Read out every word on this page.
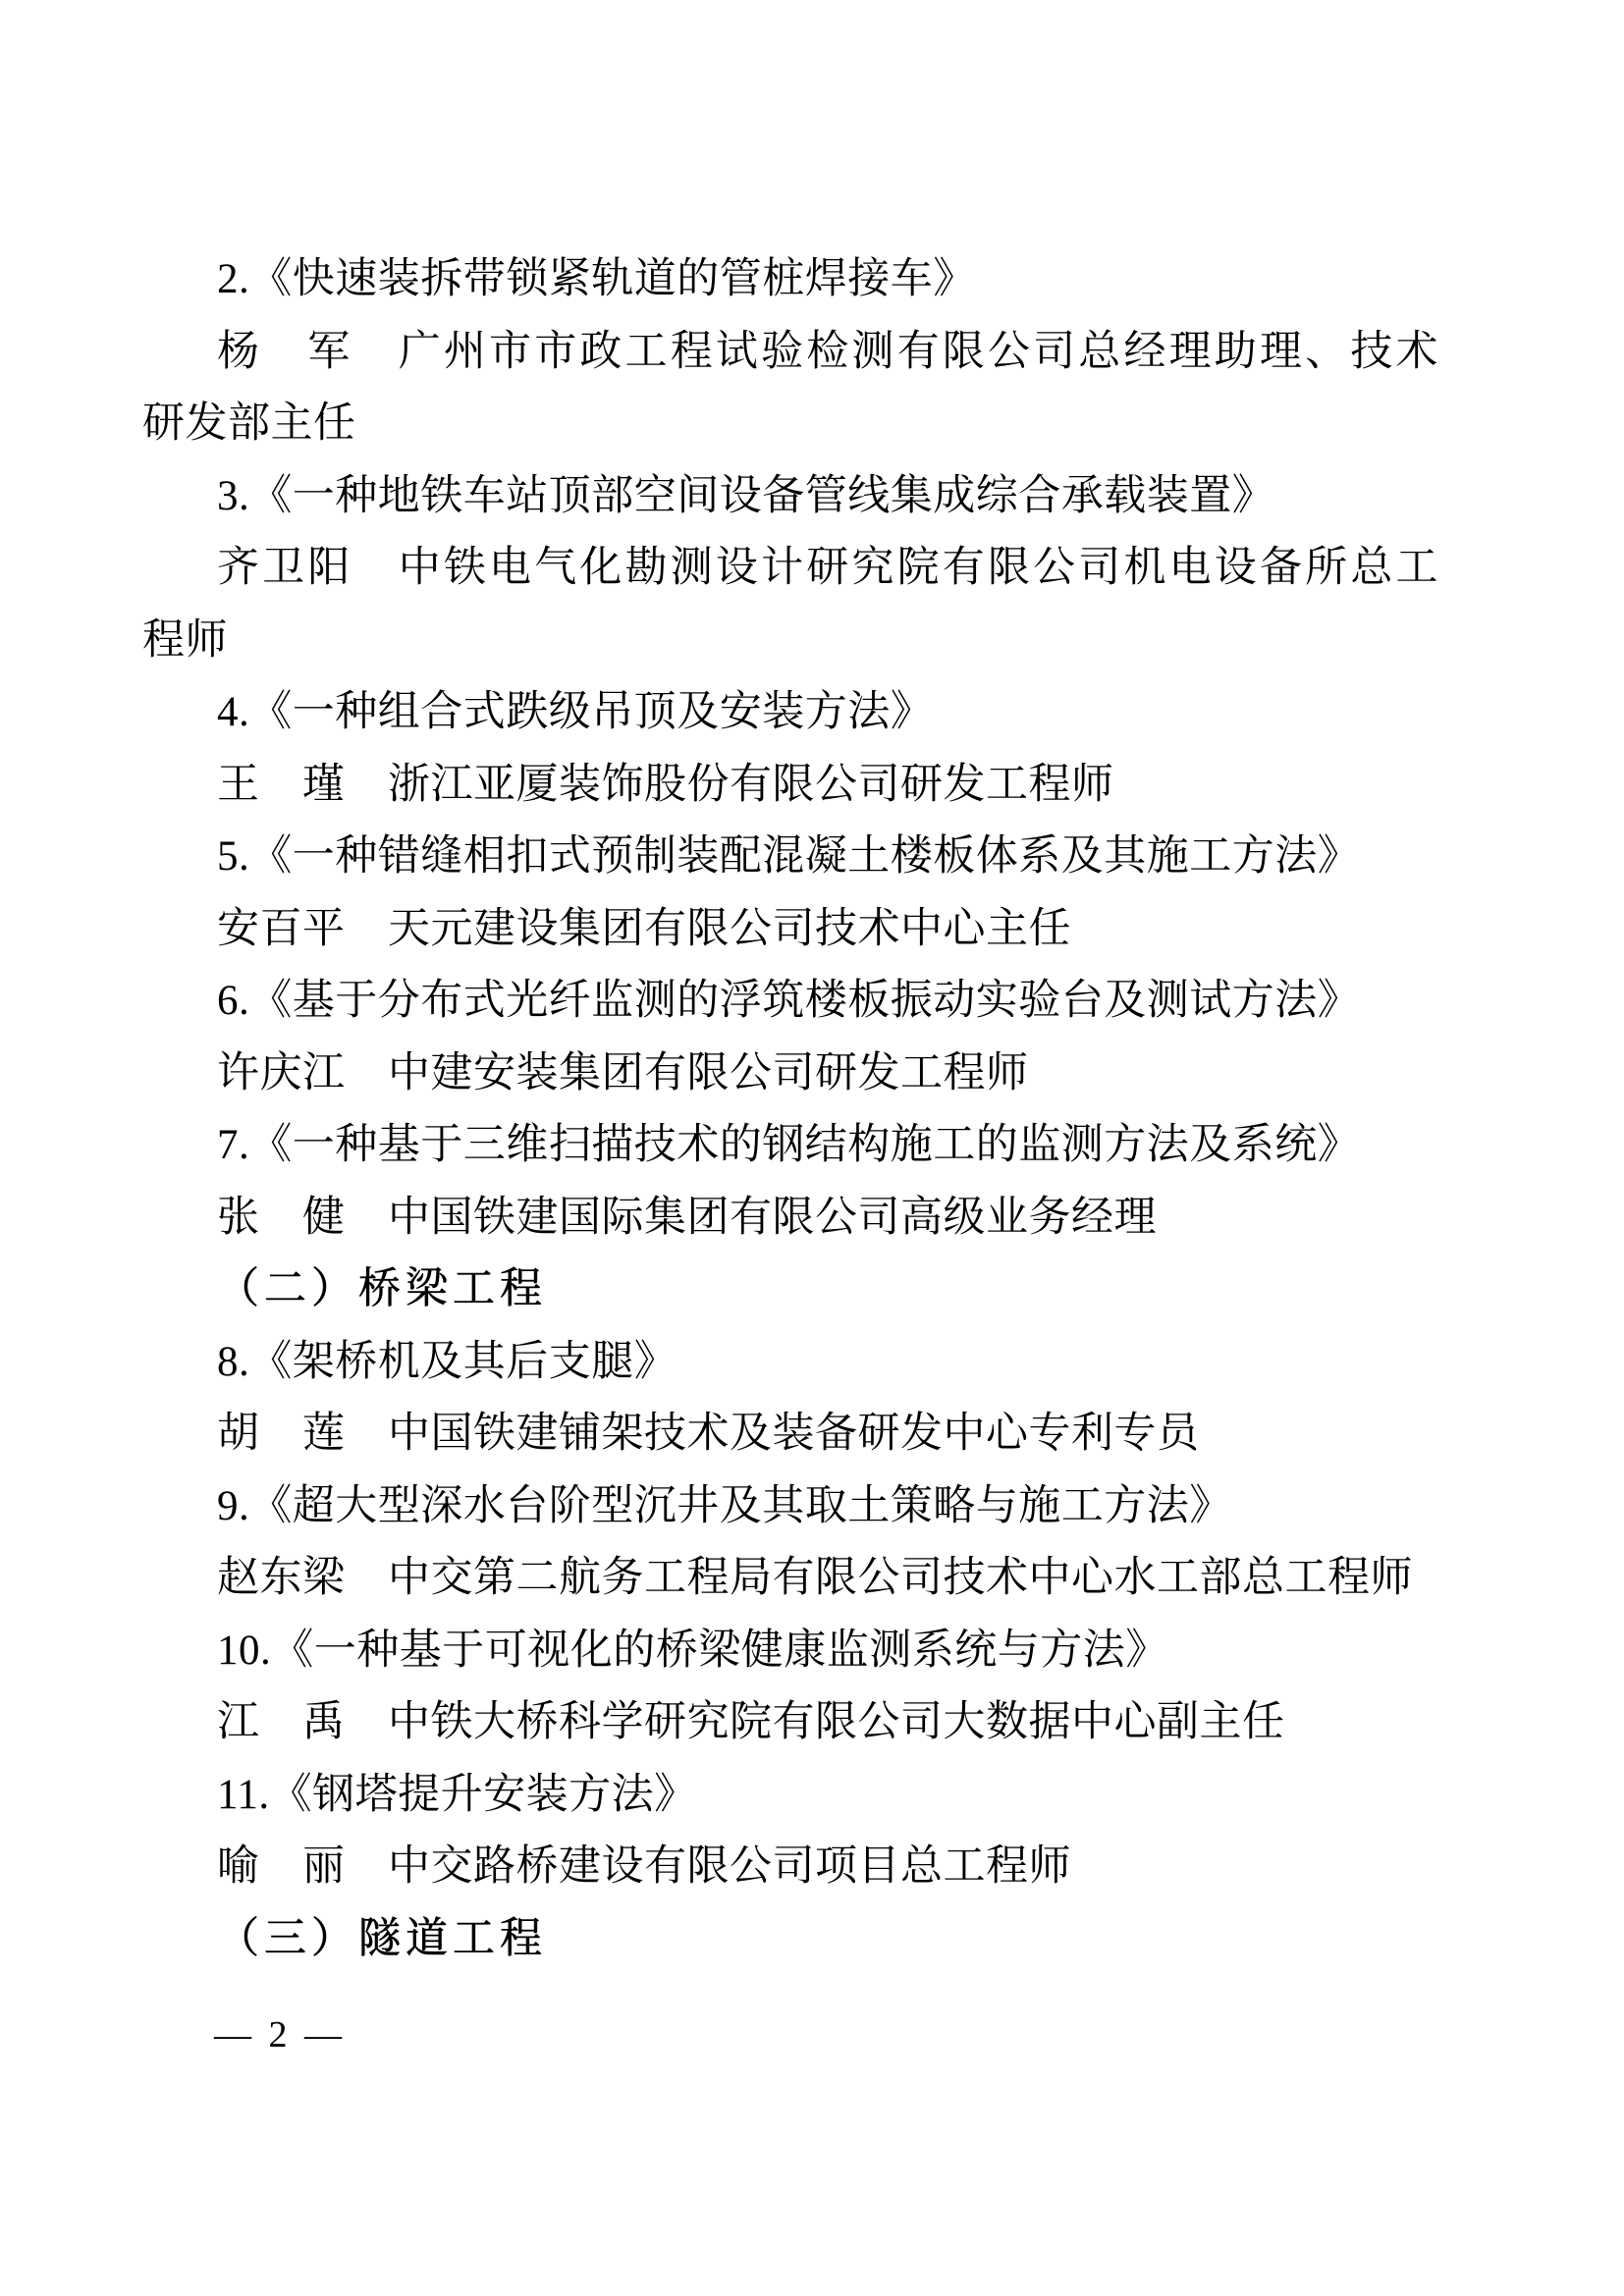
2.《快速装拆带锁紧轨道的管桩焊接车》
杨　军　广州市市政工程试验检测有限公司总经理助理、技术
研发部主任
3.《一种地铁车站顶部空间设备管线集成综合承载装置》
齐卫阳　中铁电气化勘测设计研究院有限公司机电设备所总工
程师
4.《一种组合式跌级吊顶及安装方法》
王　瑾　浙江亚厦装饰股份有限公司研发工程师
5.《一种错缝相扣式预制装配混凝土楼板体系及其施工方法》
安百平　天元建设集团有限公司技术中心主任
6.《基于分布式光纤监测的浮筑楼板振动实验台及测试方法》
许庆江　中建安装集团有限公司研发工程师
7.《一种基于三维扫描技术的钢结构施工的监测方法及系统》
张　健　中国铁建国际集团有限公司高级业务经理
（二）桥梁工程
8.《架桥机及其后支腿》
胡　莲　中国铁建铺架技术及装备研发中心专利专员
9.《超大型深水台阶型沉井及其取土策略与施工方法》
赵东梁　中交第二航务工程局有限公司技术中心水工部总工程师
10.《一种基于可视化的桥梁健康监测系统与方法》
江　禹　中铁大桥科学研究院有限公司大数据中心副主任
11.《钢塔提升安装方法》
喻　丽　中交路桥建设有限公司项目总工程师
（三）隧道工程
— 2 —
